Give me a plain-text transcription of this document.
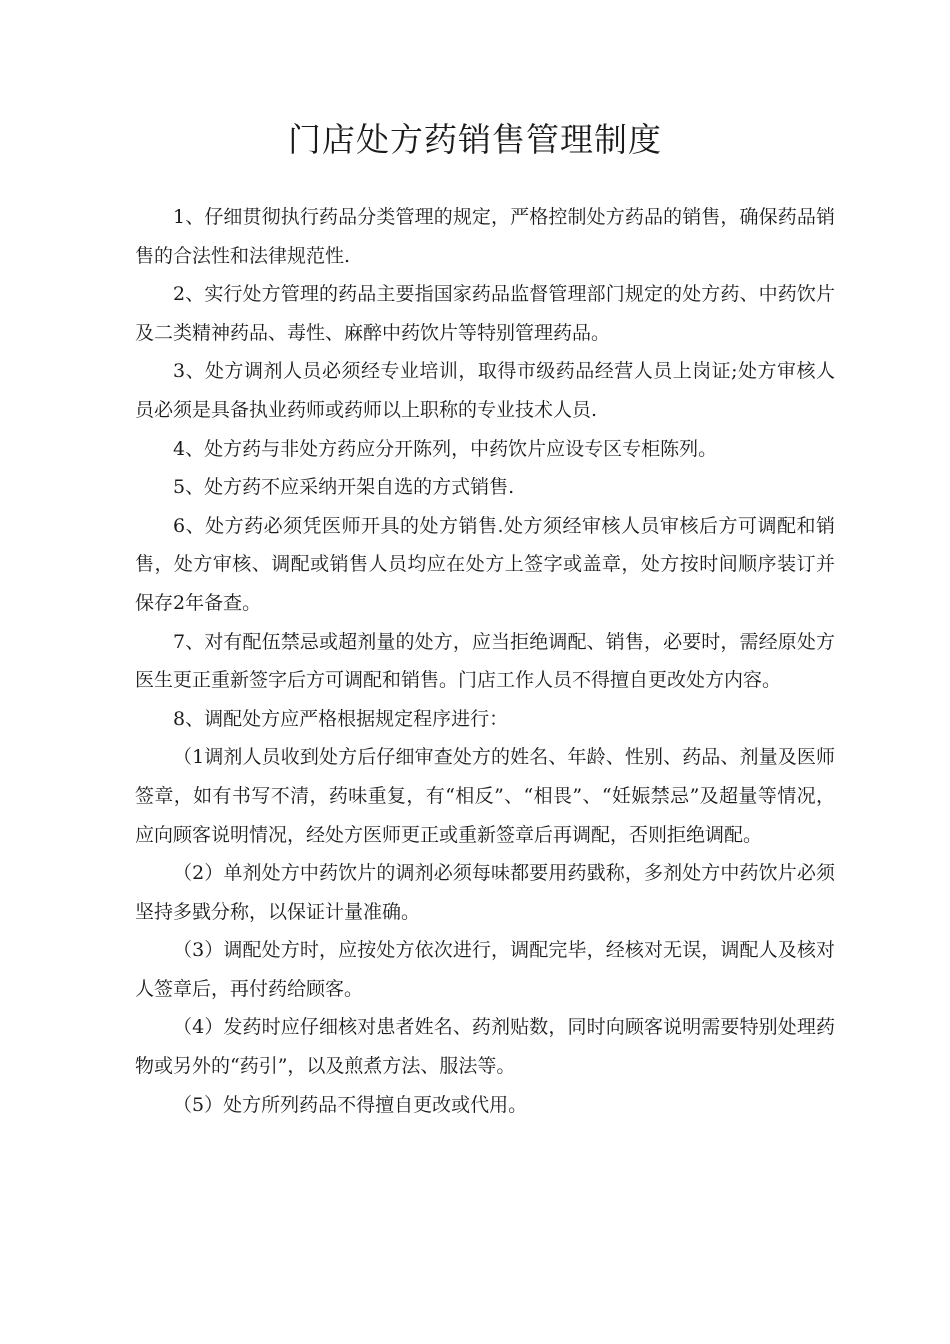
门店处方药销售管理制度

1、仔细贯彻执行药品分类管理的规定，严格控制处方药品的销售，确保药品销售的合法性和法律规范性.

2、实行处方管理的药品主要指国家药品监督管理部门规定的处方药、中药饮片及二类精神药品、毒性、麻醉中药饮片等特别管理药品。

3、处方调剂人员必须经专业培训，取得市级药品经营人员上岗证;处方审核人员必须是具备执业药师或药师以上职称的专业技术人员.

4、处方药与非处方药应分开陈列，中药饮片应设专区专柜陈列。

5、处方药不应采纳开架自选的方式销售.

6、处方药必须凭医师开具的处方销售.处方须经审核人员审核后方可调配和销售，处方审核、调配或销售人员均应在处方上签字或盖章，处方按时间顺序装订并保存2年备查。

7、对有配伍禁忌或超剂量的处方，应当拒绝调配、销售，必要时，需经原处方医生更正重新签字后方可调配和销售。门店工作人员不得擅自更改处方内容。

8、调配处方应严格根据规定程序进行：

（1调剂人员收到处方后仔细审查处方的姓名、年龄、性别、药品、剂量及医师签章，如有书写不清，药味重复，有“相反”、“相畏”、“妊娠禁忌”及超量等情况，应向顾客说明情况，经处方医师更正或重新签章后再调配，否则拒绝调配。

（2）单剂处方中药饮片的调剂必须每味都要用药戥称，多剂处方中药饮片必须坚持多戥分称，以保证计量准确。

（3）调配处方时，应按处方依次进行，调配完毕，经核对无误，调配人及核对人签章后，再付药给顾客。

（4）发药时应仔细核对患者姓名、药剂贴数，同时向顾客说明需要特别处理药物或另外的“药引”，以及煎煮方法、服法等。

（5）处方所列药品不得擅自更改或代用。
